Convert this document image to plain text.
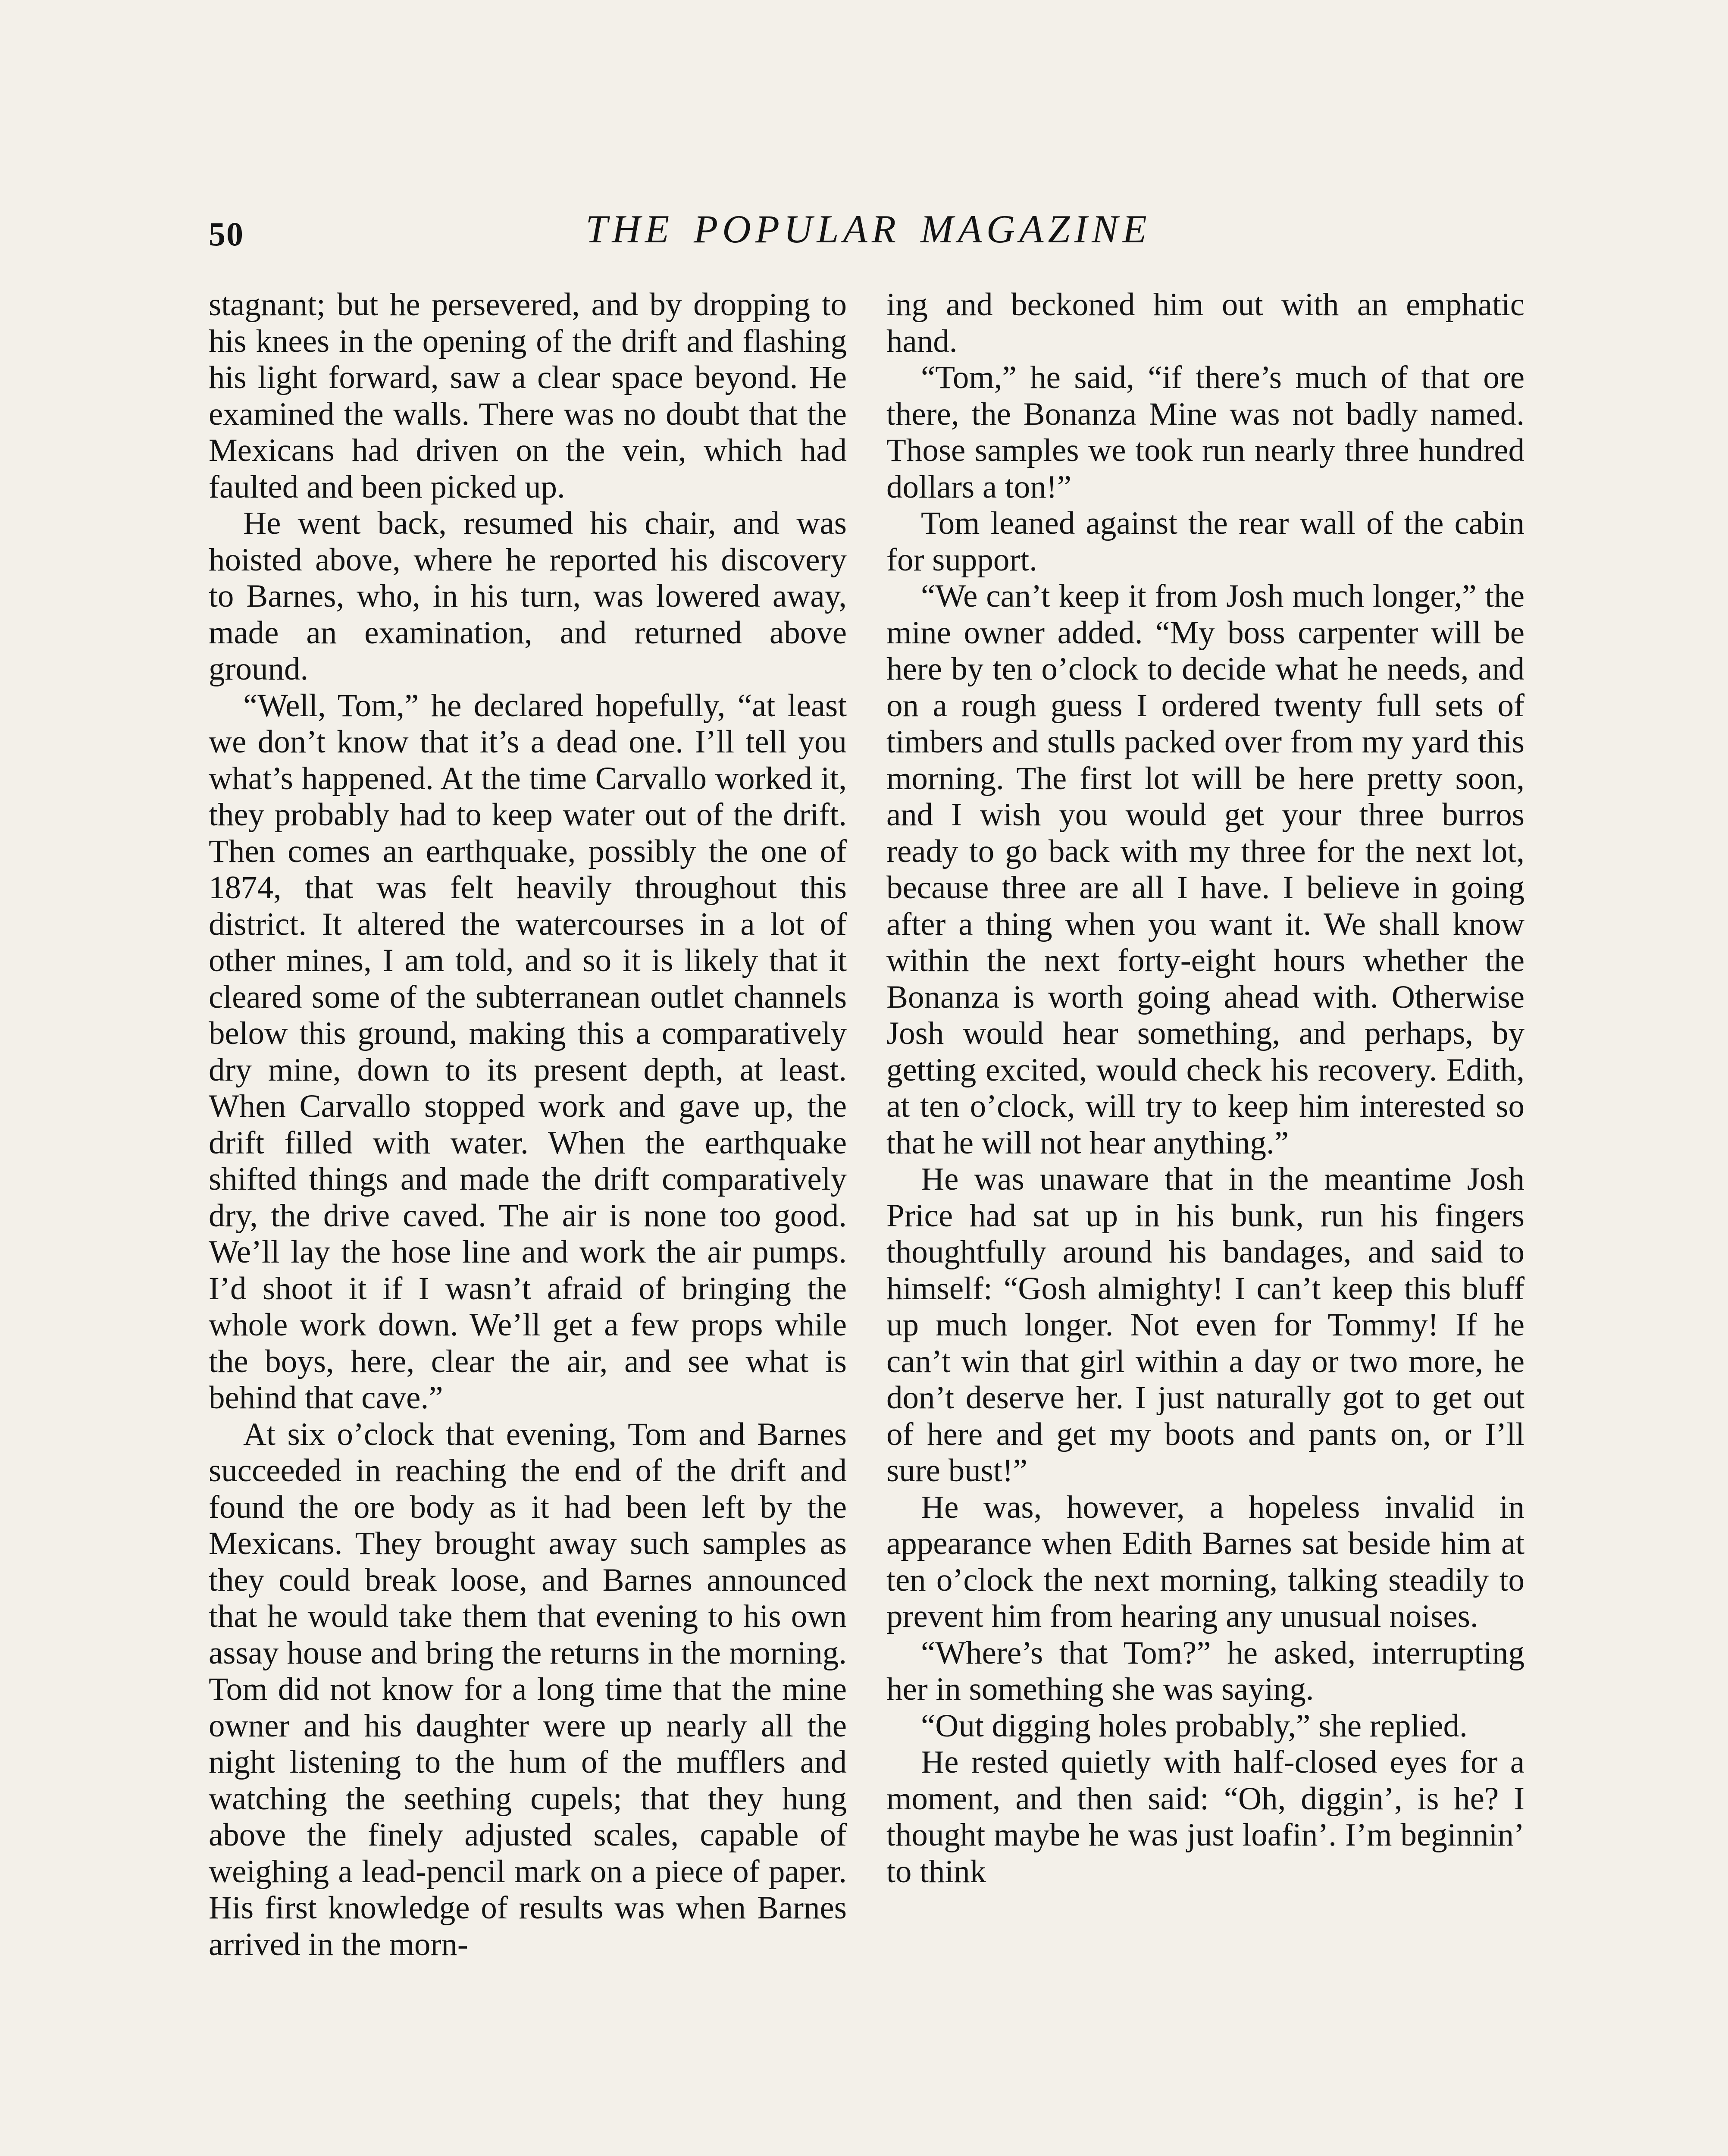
50	THE POPULAR MAGAZINE

stagnant; but he persevered, and by dropping to his knees in the opening of the drift and flashing his light forward, saw a clear space beyond. He examined the walls. There was no doubt that the Mexicans had driven on the vein, which had faulted and been picked up.

He went back, resumed his chair, and was hoisted above, where he reported his discovery to Barnes, who, in his turn, was lowered away, made an examination, and returned above ground.

“Well, Tom,” he declared hopefully, “at least we don’t know that it’s a dead one. I’ll tell you what’s happened. At the time Carvallo worked it, they probably had to keep water out of the drift. Then comes an earthquake, possibly the one of 1874, that was felt heavily throughout this district. It altered the watercourses in a lot of other mines, I am told, and so it is likely that it cleared some of the subterranean outlet channels below this ground, making this a comparatively dry mine, down to its present depth, at least. When Carvallo stopped work and gave up, the drift filled with water. When the earthquake shifted things and made the drift comparatively dry, the drive caved. The air is none too good. We’ll lay the hose line and work the air pumps. I’d shoot it if I wasn’t afraid of bringing the whole work down. We’ll get a few props while the boys, here, clear the air, and see what is behind that cave.”

At six o’clock that evening, Tom and Barnes succeeded in reaching the end of the drift and found the ore body as it had been left by the Mexicans. They brought away such samples as they could break loose, and Barnes announced that he would take them that evening to his own assay house and bring the returns in the morning. Tom did not know for a long time that the mine owner and his daughter were up nearly all the night listening to the hum of the mufflers and watching the seething cupels; that they hung above the finely adjusted scales, capable of weighing a lead-pencil mark on a piece of paper. His first knowledge of results was when Barnes arrived in the morn-

ing and beckoned him out with an emphatic hand.

“Tom,” he said, “if there’s much of that ore there, the Bonanza Mine was not badly named. Those samples we took run nearly three hundred dollars a ton!”

Tom leaned against the rear wall of the cabin for support.

“We can’t keep it from Josh much longer,” the mine owner added. “My boss carpenter will be here by ten o’clock to decide what he needs, and on a rough guess I ordered twenty full sets of timbers and stulls packed over from my yard this morning. The first lot will be here pretty soon, and I wish you would get your three burros ready to go back with my three for the next lot, because three are all I have. I believe in going after a thing when you want it. We shall know within the next forty-eight hours whether the Bonanza is worth going ahead with. Otherwise Josh would hear something, and perhaps, by getting excited, would check his recovery. Edith, at ten o’clock, will try to keep him interested so that he will not hear anything.”

He was unaware that in the meantime Josh Price had sat up in his bunk, run his fingers thoughtfully around his bandages, and said to himself: “Gosh almighty! I can’t keep this bluff up much longer. Not even for Tommy! If he can’t win that girl within a day or two more, he don’t deserve her. I just naturally got to get out of here and get my boots and pants on, or I’ll sure bust!”

He was, however, a hopeless invalid in appearance when Edith Barnes sat beside him at ten o’clock the next morning, talking steadily to prevent him from hearing any unusual noises.

“Where’s that Tom?” he asked, interrupting her in something she was saying.

“Out digging holes probably,” she replied.

He rested quietly with half-closed eyes for a moment, and then said: “Oh, diggin’, is he? I thought maybe he was just loafin’. I’m beginnin’ to think
